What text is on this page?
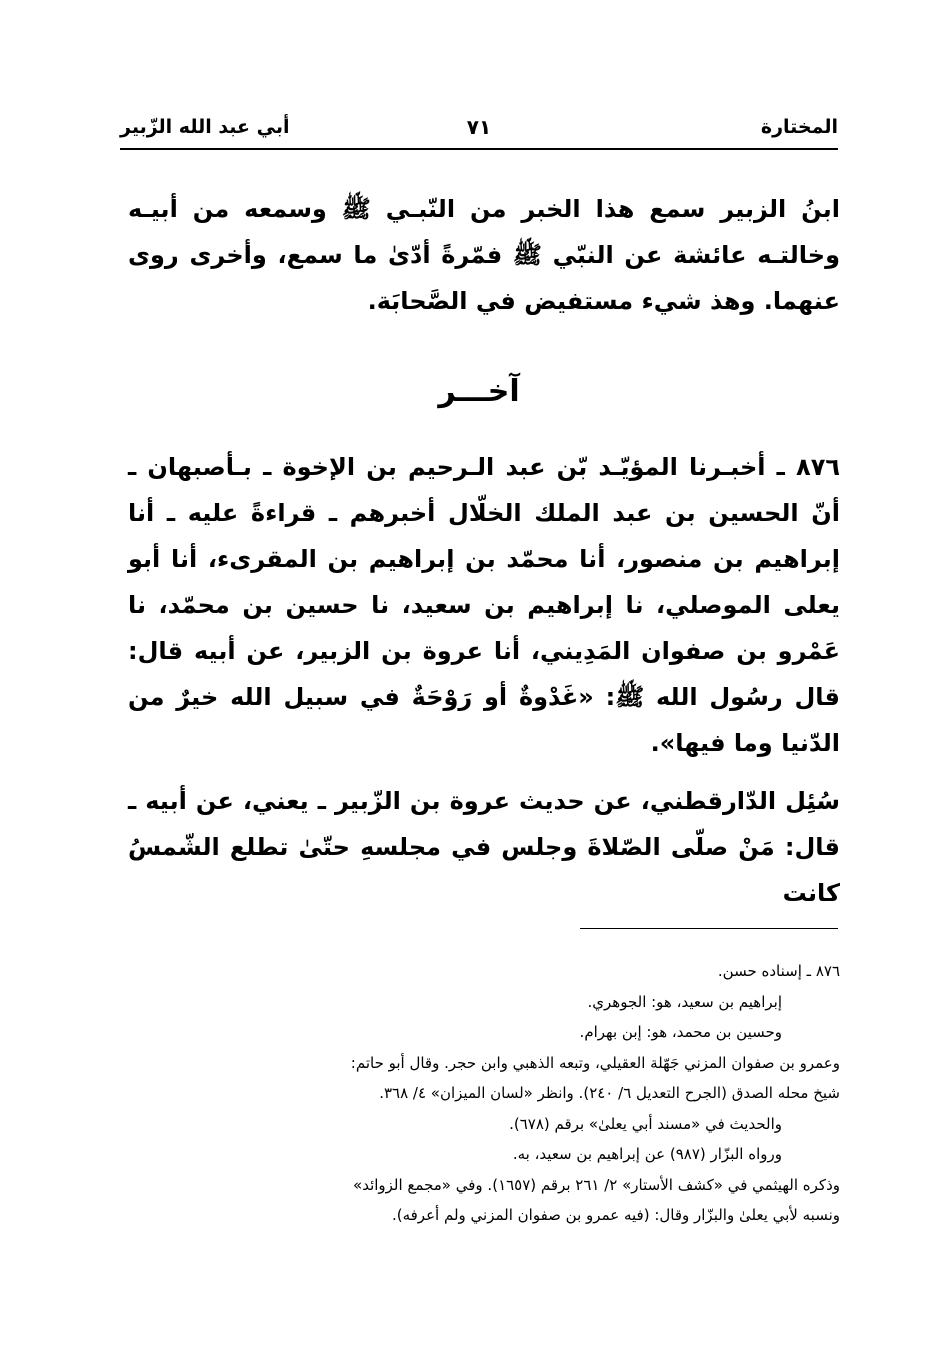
المختارة
٧١
أبي عبد الله الزّبير

ابنُ الزبير سمع هذا الخبر من النّبـي ﷺ وسمعه من أبيـه وخالتـه عائشة عن النبّي ﷺ فمّرةً أدّىٰ ما سمع، وأخرى روى عنهما. وهذ شيء مستفيض في الصَّحابَة.

آخـــر

٨٧٦ ـ أخبـرنا المؤيّـد بّن عبد الـرحيم بن الإخوة ـ بـأصبهان ـ أنّ الحسين بن عبد الملك الخلّال أخبرهم ـ قراءةً عليه ـ أنا إبراهيم بن منصور، أنا محمّد بن إبراهيم بن المقرىء، أنا أبو يعلى الموصلي، نا إبراهيم بن سعيد، نا حسين بن محمّد، نا عَمْرو بن صفوان المَدِيني، أنا عروة بن الزبير، عن أبيه قال: قال رسُول الله ﷺ: «غَدْوةٌ أو رَوْحَةٌ في سبيل الله خيرٌ من الدّنيا وما فيها».

سُئِل الدّارقطني، عن حديث عروة بن الزّبير ـ يعني، عن أبيه ـ قال: مَنْ صلّى الصّلاةَ وجلس في مجلسهِ حتّىٰ تطلع الشّمسُ كانت

٨٧٦ ـ إسناده حسن.
إبراهيم بن سعيد، هو: الجوهري.
وحسين بن محمد، هو: إبن بهرام.
وعمرو بن صفوان المزني جَهّلة العقيلي، وتبعه الذهبي وابن حجر. وقال أبو حاتم:
شيخ محله الصدق (الجرح التعديل ٦/ ٢٤٠). وانظر «لسان الميزان» ٤/ ٣٦٨.
والحديث في «مسند أبي يعلىٰ» برقم (٦٧٨).
ورواه البزّار (٩٨٧) عن إبراهيم بن سعيد، به.
وذكره الهيثمي في «كشف الأستار» ٢/ ٢٦١ برقم (١٦٥٧). وفي «مجمع الزوائد»
ونسبه لأبي يعلىٰ والبزّار وقال: (فيه عمرو بن صفوان المزني ولم أعرفه).
